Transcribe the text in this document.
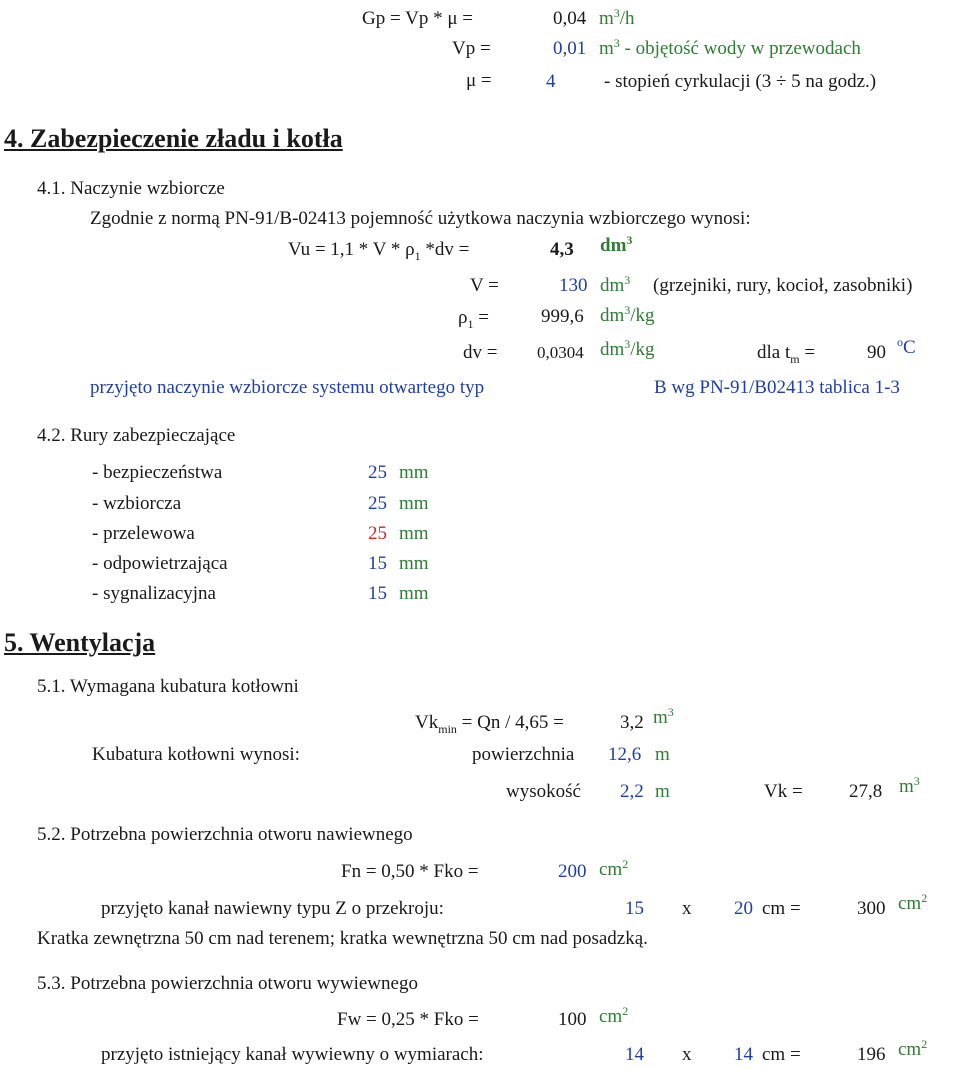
Gp = Vp * μ =	0,04 $m^3/h$
Vp =	0,01 $m^3$ - objętość wody w przewodach
μ =	4	- stopień cyrkulacji (3 ÷ 5 na godz.)
4. Zabezpieczenie zładu i kotła
4.1. Naczynie wzbiorcze
Zgodnie z normą PN-91/B-02413 pojemność użytkowa naczynia wzbiorczego wynosi:
$Vu = 1,1 * V * \rho_1$ *dv =	4,3 $dm^3$
V =	130 $dm^3$ (grzejniki, rury, kocioł, zasobniki)
$\rho_1$ =	999,6 $dm^3/kg$
dv = 0,0304 $dm^3/kg$	dla $t_m$ =	90 $^o$C
przyjęto naczynie wzbiorcze systemu otwartego typ	B wg PN-91/B02413 tablica 1-3
4.2. Rury zabezpieczające
- bezpieczeństwa	25 mm
- wzbiorcza	25 mm
- przelewowa	25 mm
- odpowietrzająca	15 mm
- sygnalizacyjna	15 mm
5. Wentylacja
5.1. Wymagana kubatura kotłowni
$Vk_{min} = Qn / 4,65$ =	3,2 $m^3$
Kubatura kotłowni wynosi:	powierzchnia 12,6 m
wysokość 2,2 m	Vk = 27,8 $m^3$
5.2. Potrzebna powierzchnia otworu nawiewnego
Fn = 0,50 * Fko =	200 $cm^2$
przyjęto kanał nawiewny typu Z o przekroju:	15 x 20 cm =	300 $cm^2$
Kratka zewnętrzna 50 cm nad terenem; kratka wewnętrzna 50 cm nad posadzką.
5.3. Potrzebna powierzchnia otworu wywiewnego
Fw = 0,25 * Fko =	100 $cm^2$
przyjęto istniejący kanał wywiewny o wymiarach:	14 x 14 cm =	196 $cm^2$
